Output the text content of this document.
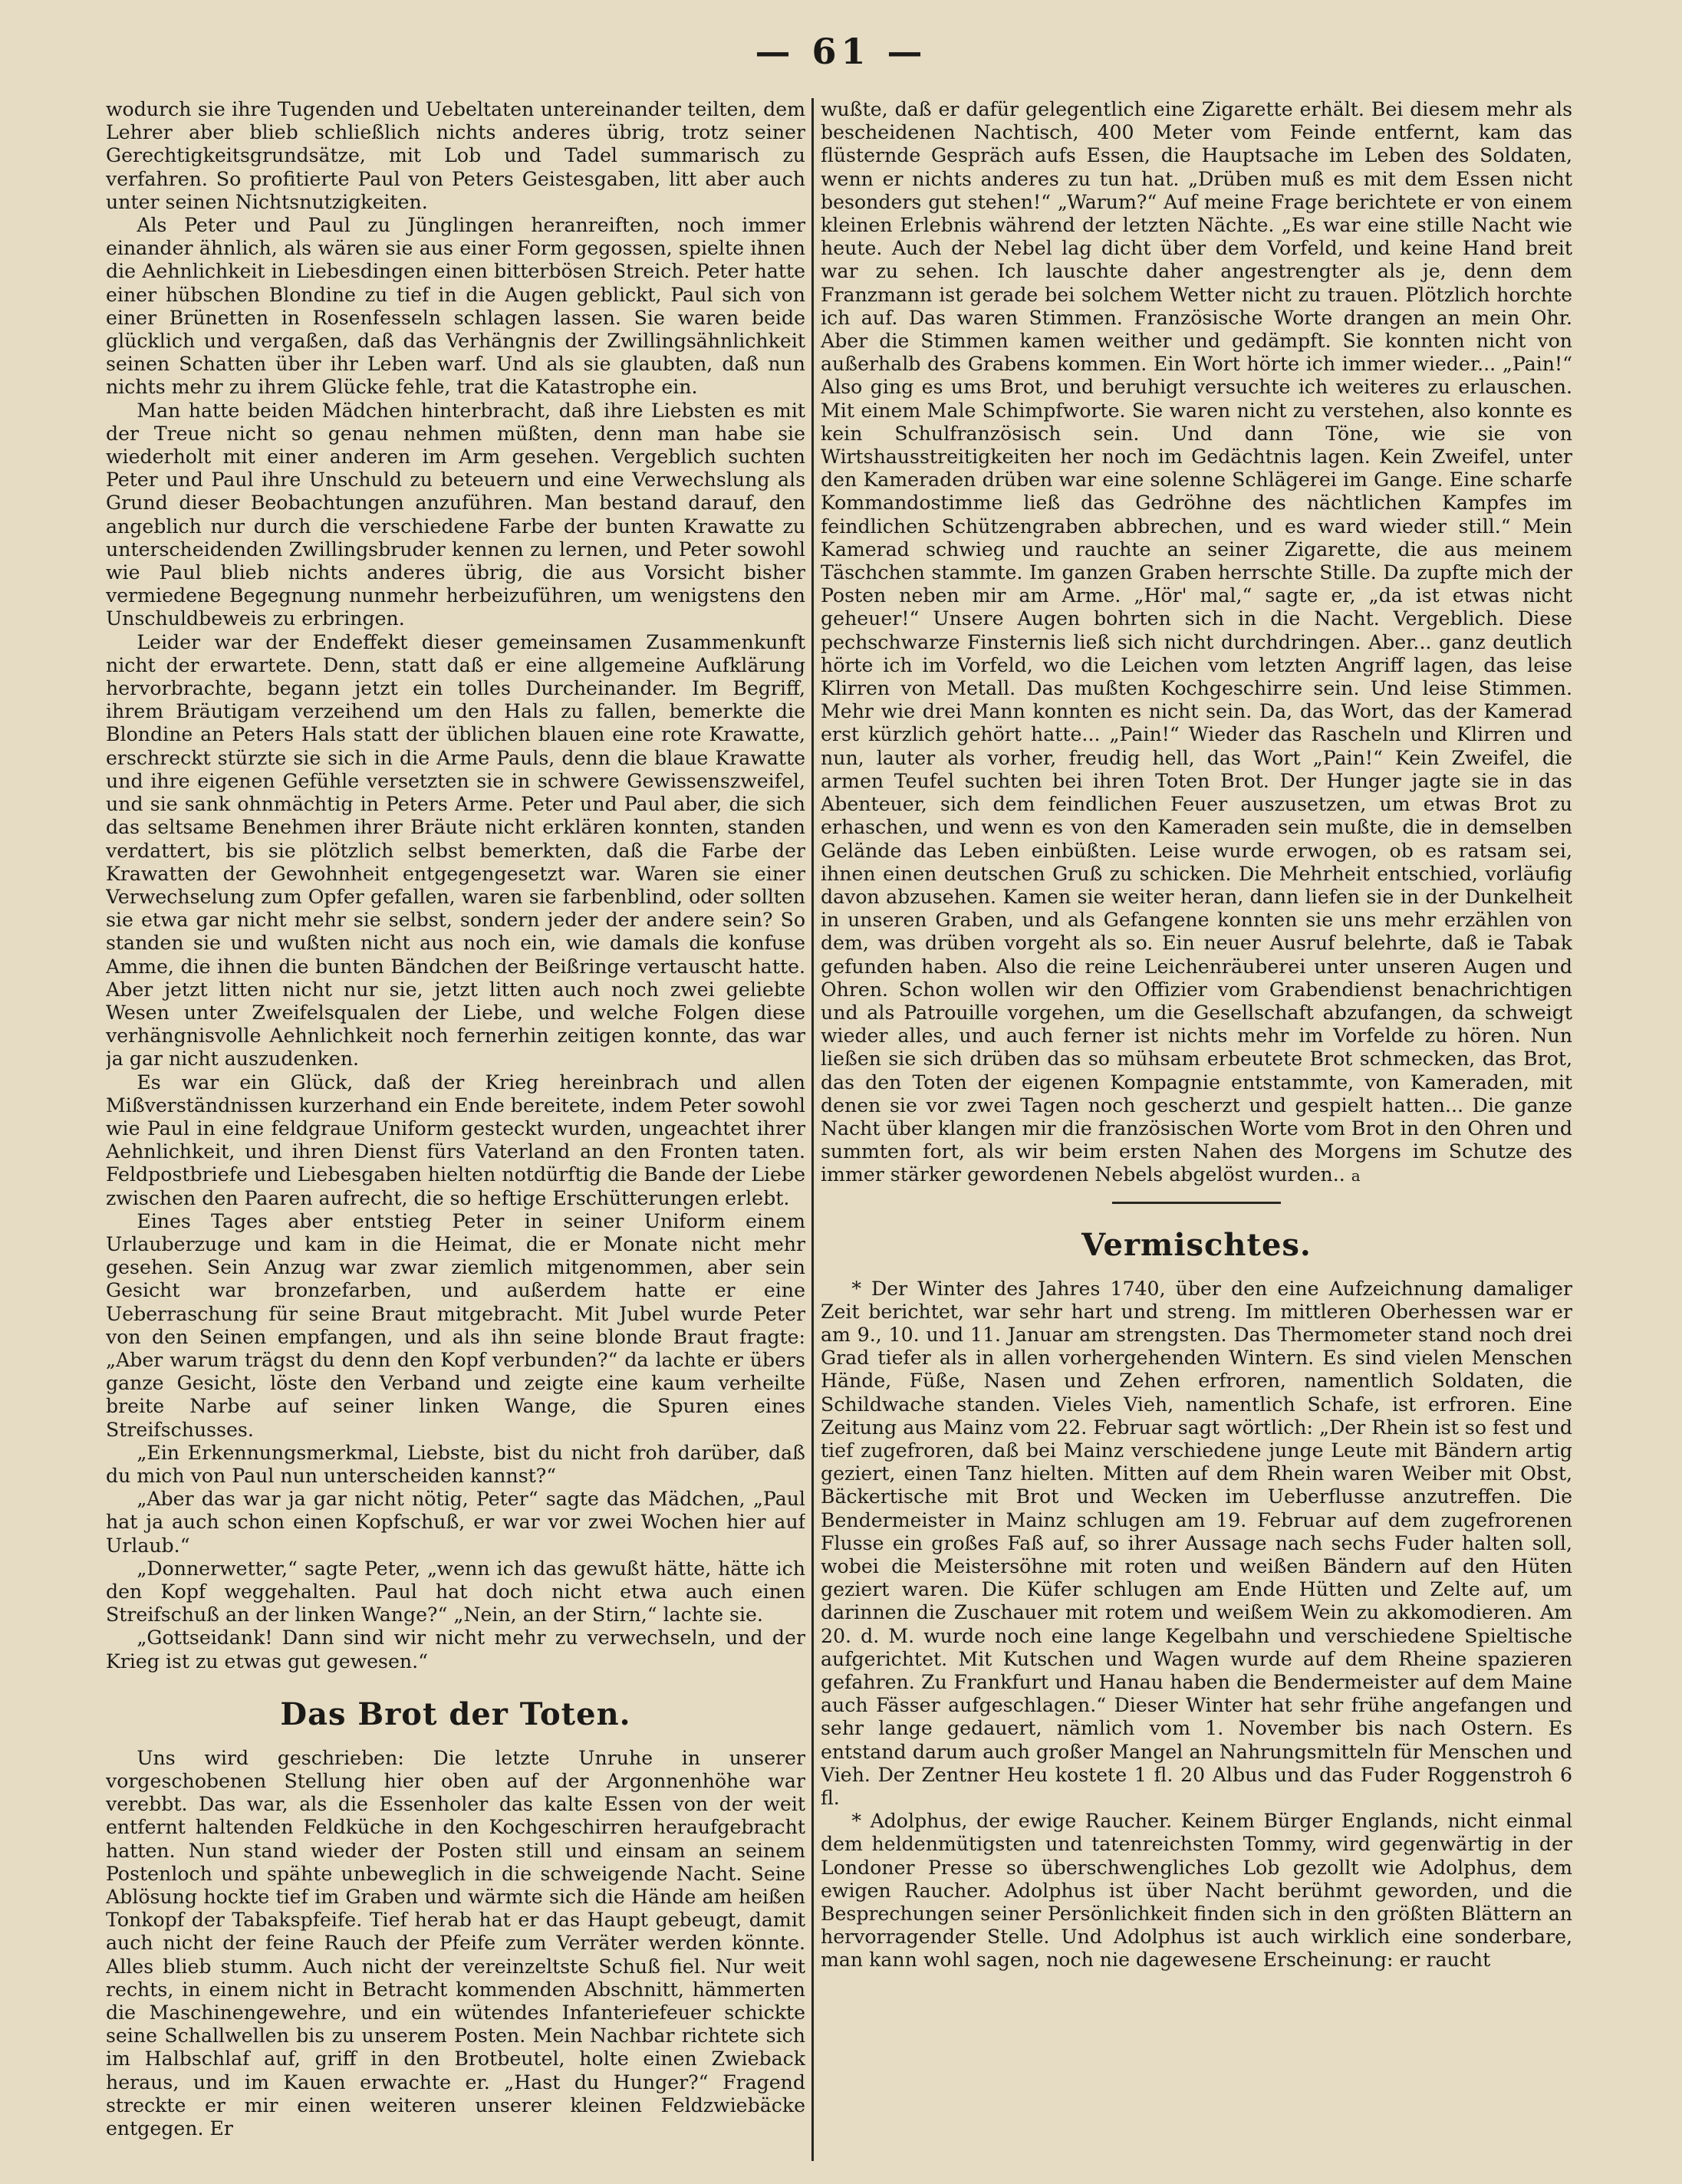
— 61 —

wodurch sie ihre Tugenden und Uebeltaten untereinander teilten, dem Lehrer aber blieb schließlich nichts anderes übrig, trotz seiner Gerechtigkeitsgrundsätze, mit Lob und Tadel summarisch zu verfahren. So profitierte Paul von Peters Geistesgaben, litt aber auch unter seinen Nichtsnutzigkeiten.

Als Peter und Paul zu Jünglingen heranreiften, noch immer einander ähnlich, als wären sie aus einer Form gegossen, spielte ihnen die Aehnlichkeit in Liebesdingen einen bitterbösen Streich. Peter hatte einer hübschen Blondine zu tief in die Augen geblickt, Paul sich von einer Brünetten in Rosenfesseln schlagen lassen. Sie waren beide glücklich und vergaßen, daß das Verhängnis der Zwillingsähnlichkeit seinen Schatten über ihr Leben warf. Und als sie glaubten, daß nun nichts mehr zu ihrem Glücke fehle, trat die Katastrophe ein.

Man hatte beiden Mädchen hinterbracht, daß ihre Liebsten es mit der Treue nicht so genau nehmen müßten, denn man habe sie wiederholt mit einer anderen im Arm gesehen. Vergeblich suchten Peter und Paul ihre Unschuld zu beteuern und eine Verwechslung als Grund dieser Beobachtungen anzuführen. Man bestand darauf, den angeblich nur durch die verschiedene Farbe der bunten Krawatte zu unterscheidenden Zwillingsbruder kennen zu lernen, und Peter sowohl wie Paul blieb nichts anderes übrig, die aus Vorsicht bisher vermiedene Begegnung nunmehr herbeizuführen, um wenigstens den Unschuldbeweis zu erbringen.

Leider war der Endeffekt dieser gemeinsamen Zusammenkunft nicht der erwartete. Denn, statt daß er eine allgemeine Aufklärung hervorbrachte, begann jetzt ein tolles Durcheinander. Im Begriff, ihrem Bräutigam verzeihend um den Hals zu fallen, bemerkte die Blondine an Peters Hals statt der üblichen blauen eine rote Krawatte, erschreckt stürzte sie sich in die Arme Pauls, denn die blaue Krawatte und ihre eigenen Gefühle versetzten sie in schwere Gewissenszweifel, und sie sank ohnmächtig in Peters Arme. Peter und Paul aber, die sich das seltsame Benehmen ihrer Bräute nicht erklären konnten, standen verdattert, bis sie plötzlich selbst bemerkten, daß die Farbe der Krawatten der Gewohnheit entgegengesetzt war. Waren sie einer Verwechselung zum Opfer gefallen, waren sie farbenblind, oder sollten sie etwa gar nicht mehr sie selbst, sondern jeder der andere sein? So standen sie und wußten nicht aus noch ein, wie damals die konfuse Amme, die ihnen die bunten Bändchen der Beißringe vertauscht hatte. Aber jetzt litten nicht nur sie, jetzt litten auch noch zwei geliebte Wesen unter Zweifelsqualen der Liebe, und welche Folgen diese verhängnisvolle Aehnlichkeit noch fernerhin zeitigen konnte, das war ja gar nicht auszudenken.

Es war ein Glück, daß der Krieg hereinbrach und allen Mißverständnissen kurzerhand ein Ende bereitete, indem Peter sowohl wie Paul in eine feldgraue Uniform gesteckt wurden, ungeachtet ihrer Aehnlichkeit, und ihren Dienst fürs Vaterland an den Fronten taten. Feldpostbriefe und Liebesgaben hielten notdürftig die Bande der Liebe zwischen den Paaren aufrecht, die so heftige Erschütterungen erlebt.

Eines Tages aber entstieg Peter in seiner Uniform einem Urlauberzuge und kam in die Heimat, die er Monate nicht mehr gesehen. Sein Anzug war zwar ziemlich mitgenommen, aber sein Gesicht war bronzefarben, und außerdem hatte er eine Ueberraschung für seine Braut mitgebracht. Mit Jubel wurde Peter von den Seinen empfangen, und als ihn seine blonde Braut fragte: „Aber warum trägst du denn den Kopf verbunden?“ da lachte er übers ganze Gesicht, löste den Verband und zeigte eine kaum verheilte breite Narbe auf seiner linken Wange, die Spuren eines Streifschusses.

„Ein Erkennungsmerkmal, Liebste, bist du nicht froh darüber, daß du mich von Paul nun unterscheiden kannst?“

„Aber das war ja gar nicht nötig, Peter“ sagte das Mädchen, „Paul hat ja auch schon einen Kopfschuß, er war vor zwei Wochen hier auf Urlaub.“

„Donnerwetter,“ sagte Peter, „wenn ich das gewußt hätte, hätte ich den Kopf weggehalten. Paul hat doch nicht etwa auch einen Streifschuß an der linken Wange?“ „Nein, an der Stirn,“ lachte sie.

„Gottseidank! Dann sind wir nicht mehr zu verwechseln, und der Krieg ist zu etwas gut gewesen.“

Das Brot der Toten.

Uns wird geschrieben: Die letzte Unruhe in unserer vorgeschobenen Stellung hier oben auf der Argonnenhöhe war verebbt. Das war, als die Essenholer das kalte Essen von der weit entfernt haltenden Feldküche in den Kochgeschirren heraufgebracht hatten. Nun stand wieder der Posten still und einsam an seinem Postenloch und spähte unbeweglich in die schweigende Nacht. Seine Ablösung hockte tief im Graben und wärmte sich die Hände am heißen Tonkopf der Tabakspfeife. Tief herab hat er das Haupt gebeugt, damit auch nicht der feine Rauch der Pfeife zum Verräter werden könnte. Alles blieb stumm. Auch nicht der vereinzeltste Schuß fiel. Nur weit rechts, in einem nicht in Betracht kommenden Abschnitt, hämmerten die Maschinengewehre, und ein wütendes Infanteriefeuer schickte seine Schallwellen bis zu unserem Posten. Mein Nachbar richtete sich im Halbschlaf auf, griff in den Brotbeutel, holte einen Zwieback heraus, und im Kauen erwachte er. „Hast du Hunger?“ Fragend streckte er mir einen weiteren unserer kleinen Feldzwiebäcke entgegen. Er

wußte, daß er dafür gelegentlich eine Zigarette erhält. Bei diesem mehr als bescheidenen Nachtisch, 400 Meter vom Feinde entfernt, kam das flüsternde Gespräch aufs Essen, die Hauptsache im Leben des Soldaten, wenn er nichts anderes zu tun hat. „Drüben muß es mit dem Essen nicht besonders gut stehen!“ „Warum?“ Auf meine Frage berichtete er von einem kleinen Erlebnis während der letzten Nächte. „Es war eine stille Nacht wie heute. Auch der Nebel lag dicht über dem Vorfeld, und keine Hand breit war zu sehen. Ich lauschte daher angestrengter als je, denn dem Franzmann ist gerade bei solchem Wetter nicht zu trauen. Plötzlich horchte ich auf. Das waren Stimmen. Französische Worte drangen an mein Ohr. Aber die Stimmen kamen weither und gedämpft. Sie konnten nicht von außerhalb des Grabens kommen. Ein Wort hörte ich immer wieder... „Pain!“ Also ging es ums Brot, und beruhigt versuchte ich weiteres zu erlauschen. Mit einem Male Schimpfworte. Sie waren nicht zu verstehen, also konnte es kein Schulfranzösisch sein. Und dann Töne, wie sie von Wirtshausstreitigkeiten her noch im Gedächtnis lagen. Kein Zweifel, unter den Kameraden drüben war eine solenne Schlägerei im Gange. Eine scharfe Kommandostimme ließ das Gedröhne des nächtlichen Kampfes im feindlichen Schützengraben abbrechen, und es ward wieder still.“ Mein Kamerad schwieg und rauchte an seiner Zigarette, die aus meinem Täschchen stammte. Im ganzen Graben herrschte Stille. Da zupfte mich der Posten neben mir am Arme. „Hör' mal,“ sagte er, „da ist etwas nicht geheuer!“ Unsere Augen bohrten sich in die Nacht. Vergeblich. Diese pechschwarze Finsternis ließ sich nicht durchdringen. Aber... ganz deutlich hörte ich im Vorfeld, wo die Leichen vom letzten Angriff lagen, das leise Klirren von Metall. Das mußten Kochgeschirre sein. Und leise Stimmen. Mehr wie drei Mann konnten es nicht sein. Da, das Wort, das der Kamerad erst kürzlich gehört hatte... „Pain!“ Wieder das Rascheln und Klirren und nun, lauter als vorher, freudig hell, das Wort „Pain!“ Kein Zweifel, die armen Teufel suchten bei ihren Toten Brot. Der Hunger jagte sie in das Abenteuer, sich dem feindlichen Feuer auszusetzen, um etwas Brot zu erhaschen, und wenn es von den Kameraden sein mußte, die in demselben Gelände das Leben einbüßten. Leise wurde erwogen, ob es ratsam sei, ihnen einen deutschen Gruß zu schicken. Die Mehrheit entschied, vorläufig davon abzusehen. Kamen sie weiter heran, dann liefen sie in der Dunkelheit in unseren Graben, und als Gefangene konnten sie uns mehr erzählen von dem, was drüben vorgeht als so. Ein neuer Ausruf belehrte, daß ie Tabak gefunden haben. Also die reine Leichenräuberei unter unseren Augen und Ohren. Schon wollen wir den Offizier vom Grabendienst benachrichtigen und als Patrouille vorgehen, um die Gesellschaft abzufangen, da schweigt wieder alles, und auch ferner ist nichts mehr im Vorfelde zu hören. Nun ließen sie sich drüben das so mühsam erbeutete Brot schmecken, das Brot, das den Toten der eigenen Kompagnie entstammte, von Kameraden, mit denen sie vor zwei Tagen noch gescherzt und gespielt hatten... Die ganze Nacht über klangen mir die französischen Worte vom Brot in den Ohren und summten fort, als wir beim ersten Nahen des Morgens im Schutze des immer stärker gewordenen Nebels abgelöst wurden.. a

Vermischtes.

* Der Winter des Jahres 1740, über den eine Aufzeichnung damaliger Zeit berichtet, war sehr hart und streng. Im mittleren Oberhessen war er am 9., 10. und 11. Januar am strengsten. Das Thermometer stand noch drei Grad tiefer als in allen vorhergehenden Wintern. Es sind vielen Menschen Hände, Füße, Nasen und Zehen erfroren, namentlich Soldaten, die Schildwache standen. Vieles Vieh, namentlich Schafe, ist erfroren. Eine Zeitung aus Mainz vom 22. Februar sagt wörtlich: „Der Rhein ist so fest und tief zugefroren, daß bei Mainz verschiedene junge Leute mit Bändern artig geziert, einen Tanz hielten. Mitten auf dem Rhein waren Weiber mit Obst, Bäckertische mit Brot und Wecken im Ueberflusse anzutreffen. Die Bendermeister in Mainz schlugen am 19. Februar auf dem zugefrorenen Flusse ein großes Faß auf, so ihrer Aussage nach sechs Fuder halten soll, wobei die Meistersöhne mit roten und weißen Bändern auf den Hüten geziert waren. Die Küfer schlugen am Ende Hütten und Zelte auf, um darinnen die Zuschauer mit rotem und weißem Wein zu akkomodieren. Am 20. d. M. wurde noch eine lange Kegelbahn und verschiedene Spieltische aufgerichtet. Mit Kutschen und Wagen wurde auf dem Rheine spazieren gefahren. Zu Frankfurt und Hanau haben die Bendermeister auf dem Maine auch Fässer aufgeschlagen.“ Dieser Winter hat sehr frühe angefangen und sehr lange gedauert, nämlich vom 1. November bis nach Ostern. Es entstand darum auch großer Mangel an Nahrungsmitteln für Menschen und Vieh. Der Zentner Heu kostete 1 fl. 20 Albus und das Fuder Roggenstroh 6 fl.

* Adolphus, der ewige Raucher. Keinem Bürger Englands, nicht einmal dem heldenmütigsten und tatenreichsten Tommy, wird gegenwärtig in der Londoner Presse so überschwengliches Lob gezollt wie Adolphus, dem ewigen Raucher. Adolphus ist über Nacht berühmt geworden, und die Besprechungen seiner Persönlichkeit finden sich in den größten Blättern an hervorragender Stelle. Und Adolphus ist auch wirklich eine sonderbare, man kann wohl sagen, noch nie dagewesene Erscheinung: er raucht
